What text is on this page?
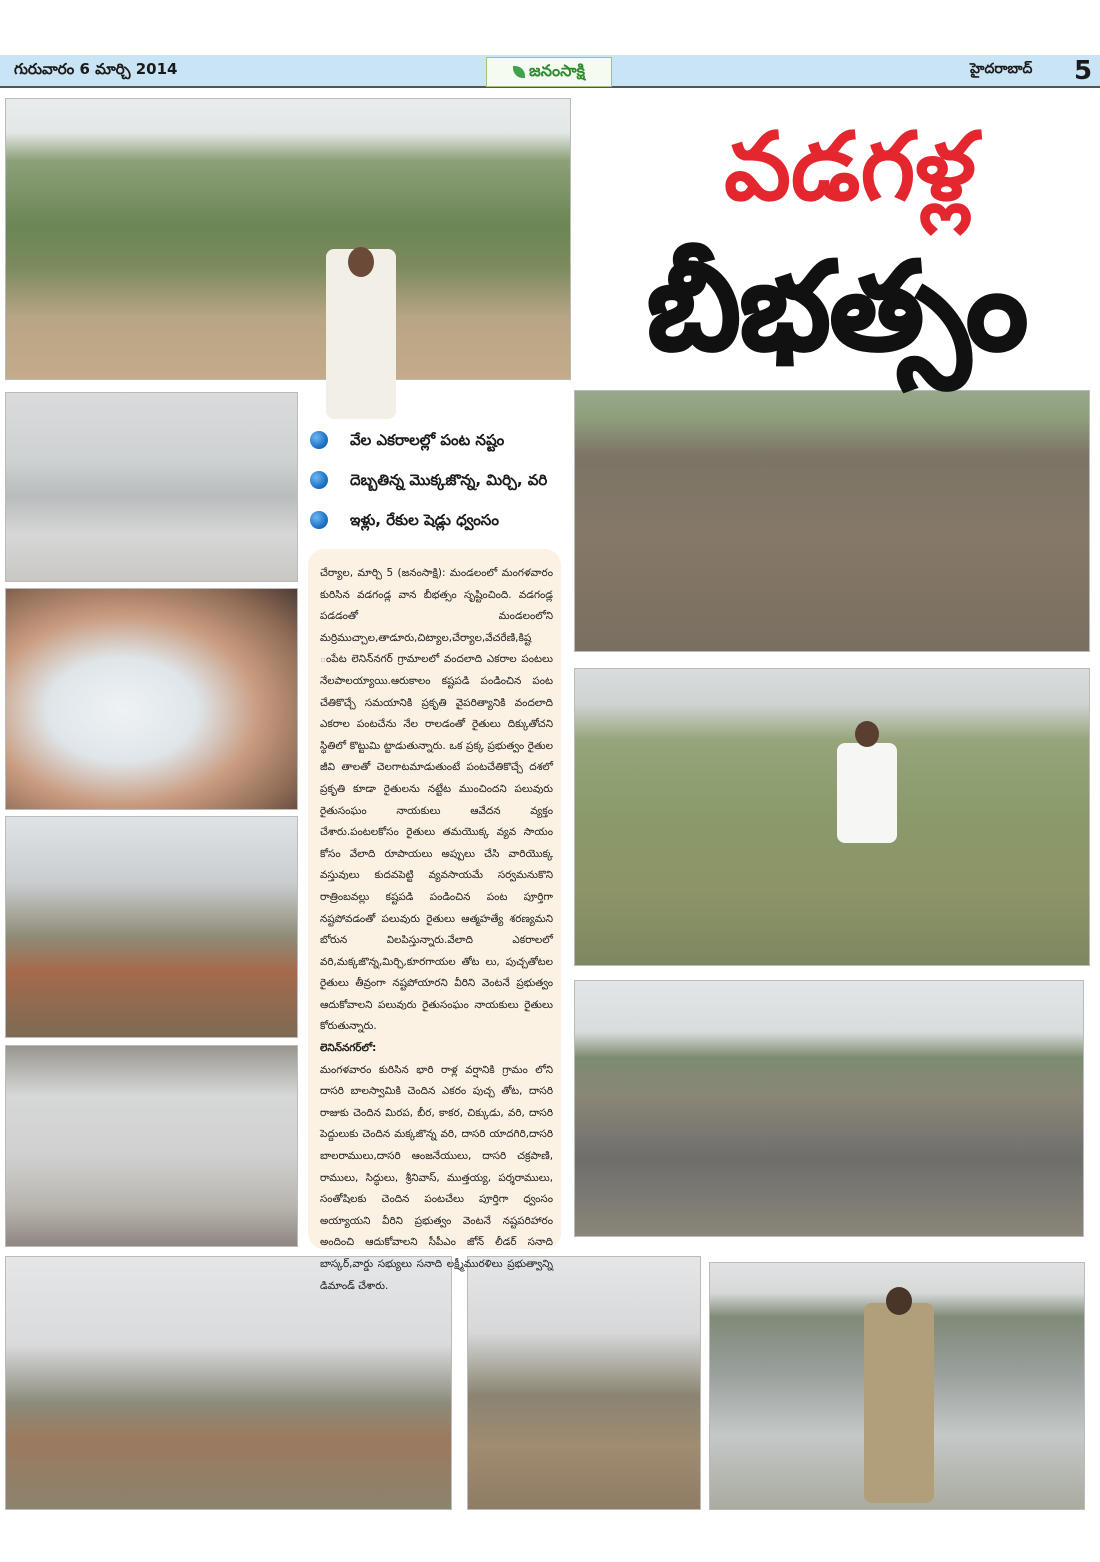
గురువారం 6 మార్చి 2014	జనంసాక్షి	హైదరాబాద్ 5
వడగళ్ల
బీభత్సం
వేల ఎకరాలల్లో పంట నష్టం
దెబ్బతిన్న మొక్కజొన్న, మిర్చి, వరి
ఇళ్లు, రేకుల షెడ్లు ధ్వంసం

చేర్యాల, మార్చి 5 (జనంసాక్షి): మండలంలో మంగళవారం కురిసిన వడగండ్ల వాన బీభత్సం సృష్టించింది. వడగండ్ల పడడంతో మండలంలోని మర్రిముచ్చాల,తాడూరు,చిట్యాల,చేర్యాల,వేచరేణి,కిష్ట ంపేట లెనిన్‌నగర్ గ్రామాలలో వందలాది ఎకరాల పంటలు నేలపాలయ్యాయి.ఆరుకాలం కష్టపడి పండించిన పంట చేతికొచ్చే సమయానికి ప్రకృతి వైపరిత్యానికి వందలాది ఎకరాల పంటచేను నేల రాలడంతో రైతులు దిక్కుతోచని స్థితిలో కొట్టుమి ట్టాడుతున్నారు. ఒక ప్రక్క ప్రభుత్వం రైతుల జీవి తాలతో చెలగాటమాడుతుంటే పంటచేతికొచ్చే దశలో ప్రకృతి కూడా రైతులను నట్టేట ముంచిందని పలువురు రైతుసంఘం నాయకులు ఆవేదన వ్యక్తం చేశారు.పంటలకోసం రైతులు తమయొక్క వ్యవ సాయం కోసం వేలాది రూపాయలు అప్పులు చేసి వారియొక్క వస్తువులు కుదవపెట్టి వ్యవసాయమే సర్వమనుకొని రాత్రింబవల్లు కష్టపడి పండించిన పంట పూర్తిగా నష్టపోవడంతో పలువురు రైతులు ఆత్మహత్యే శరణ్యమని బోరున విలపిస్తున్నారు.వేలాది ఎకరాలలో వరి,మక్కజొన్న,మిర్చి,కూరగాయల తోట లు, పుచ్చతోటల రైతులు తీవ్రంగా నష్టపోయారని వీరిని వెంటనే ప్రభుత్వం ఆదుకోవాలని పలువురు రైతుసంఘం నాయకులు రైతులు కోరుతున్నారు.

లెనిన్‌నగర్‌లో:

మంగళవారం కురిసిన భారి రాళ్ల వర్షానికి గ్రామం లోని దాసరి బాలస్వామికి చెందిన ఎకరం పుచ్చ తోట, దాసరి రాజుకు చెందిన మిరప, బీర, కాకర, చిక్కుడు, వరి, దాసరి పెద్దులుకు చెందిన మక్కజొన్న వరి, దాసరి యాదగిరి,దాసరి బాలరాములు,దాసరి ఆంజనేయులు, దాసరి చక్రపాణి, రాములు, సిద్ధులు, శ్రీనివాస్, ముత్తయ్య, పర్శరాములు, సంతోషిలకు చెందిన పంటచేలు పూర్తిగా ధ్వంసం అయ్యాయని వీరిని ప్రభుత్వం వెంటనే నష్టపరిహారం అందించి ఆదుకోవాలని సీపీఎం జోన్ లీడర్ సనాది బాస్కర్,వార్డు సభ్యులు సనాది లక్ష్మీమురళిలు ప్రభుత్వాన్ని డిమాండ్ చేశారు.
